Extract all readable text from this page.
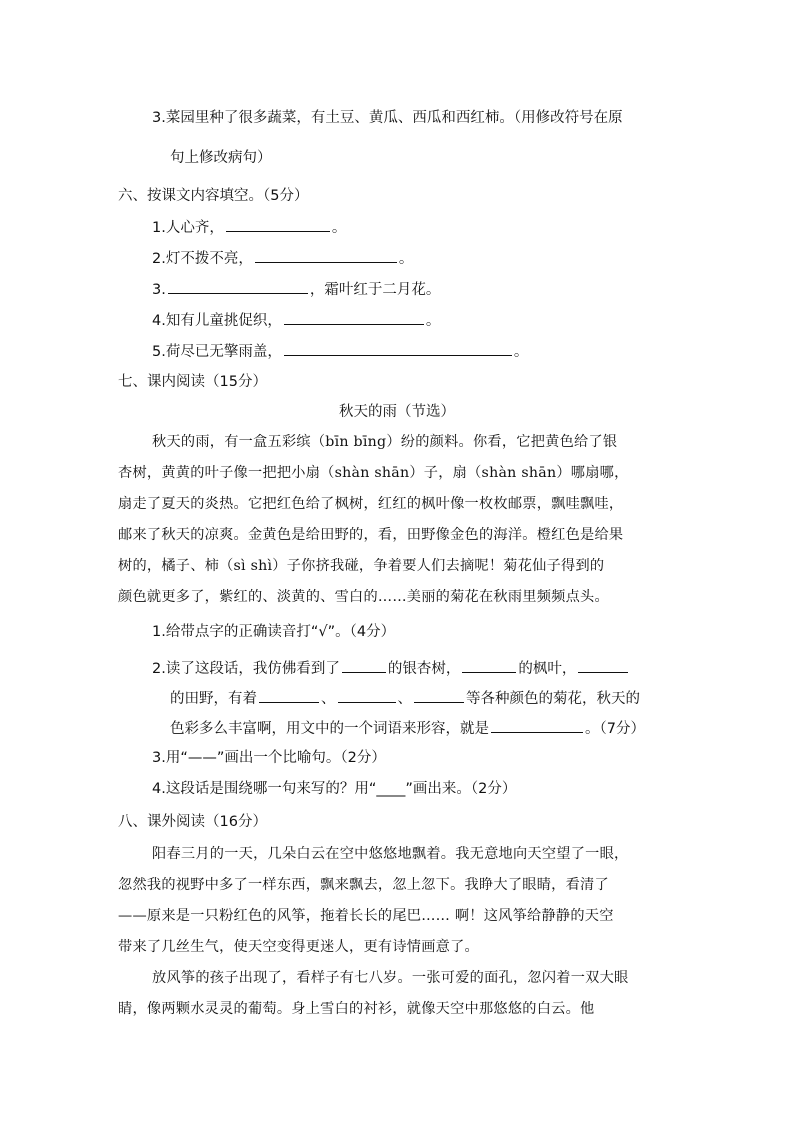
3.菜园里种了很多蔬菜，有土豆、黄瓜、西瓜和西红柿。（用修改符号在原
句上修改病句）
六、按课文内容填空。（5分）
1.人心齐，	。
2.灯不拨不亮，	。
3.	，霜叶红于二月花。
4.知有儿童挑促织，	。
5.荷尽已无擎雨盖，	。
七、课内阅读（15分）
秋天的雨（节选）
秋天的雨，有一盒五彩缤（bīn bīng）纷的颜料。你看，它把黄色给了银
杏树，黄黄的叶子像一把把小扇（shàn shān）子，扇（shàn shān）哪扇哪，
扇走了夏天的炎热。它把红色给了枫树，红红的枫叶像一枚枚邮票，飘哇飘哇，
邮来了秋天的凉爽。金黄色是给田野的，看，田野像金色的海洋。橙红色是给果
树的，橘子、柿（sì shì）子你挤我碰，争着要人们去摘呢！菊花仙子得到的
颜色就更多了，紫红的、淡黄的、雪白的……美丽的菊花在秋雨里频频点头。
1.给带点字的正确读音打“√”。（4分）
2.读了这段话，我仿佛看到了	的银杏树，	的枫叶，
的田野，有着	、	、	等各种颜色的菊花，秋天的
色彩多么丰富啊，用文中的一个词语来形容，就是	。（7分）
3.用“——”画出一个比喻句。（2分）
4.这段话是围绕哪一句来写的？用“____”画出来。（2分）
八、课外阅读（16分）
阳春三月的一天，几朵白云在空中悠悠地飘着。我无意地向天空望了一眼，
忽然我的视野中多了一样东西，飘来飘去，忽上忽下。我睁大了眼睛，看清了
——原来是一只粉红色的风筝，拖着长长的尾巴…… 啊！这风筝给静静的天空
带来了几丝生气，使天空变得更迷人，更有诗情画意了。
放风筝的孩子出现了，看样子有七八岁。一张可爱的面孔，忽闪着一双大眼
睛，像两颗水灵灵的葡萄。身上雪白的衬衫，就像天空中那悠悠的白云。他
